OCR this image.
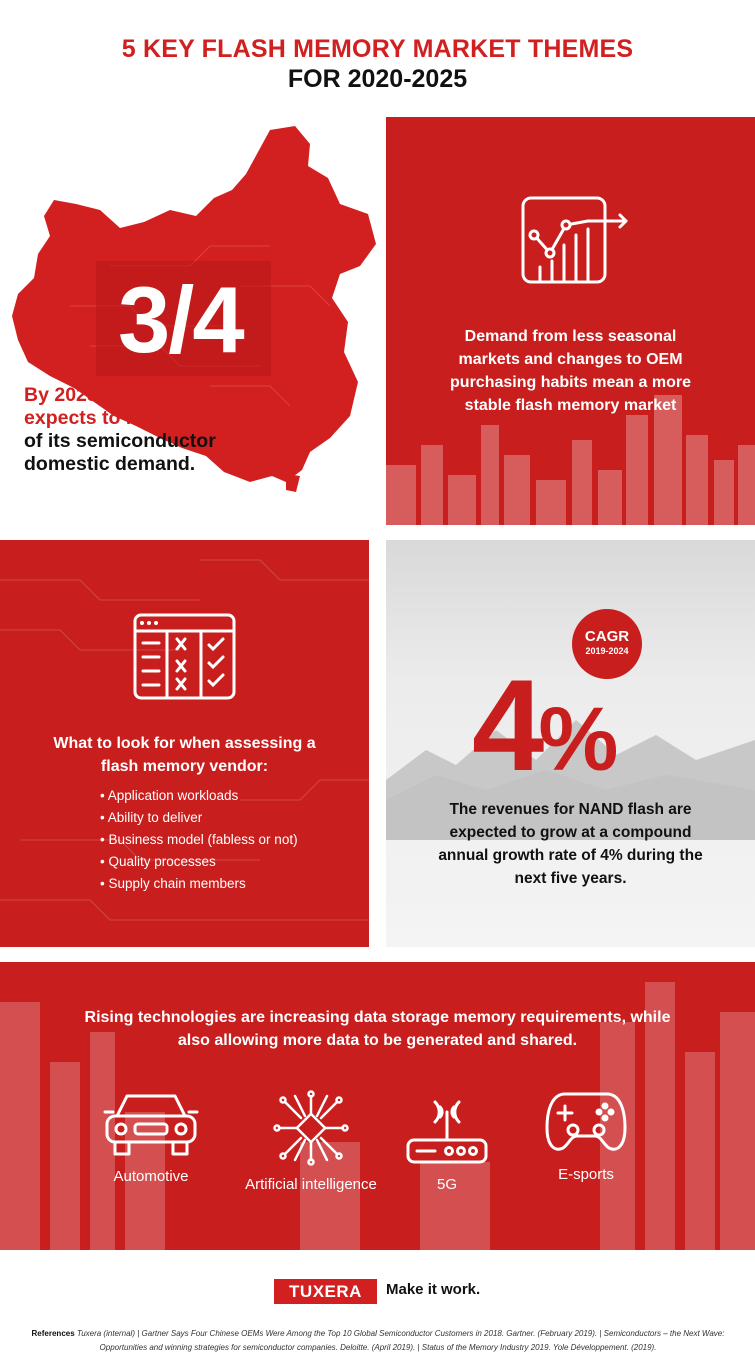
5 KEY FLASH MEMORY MARKET THEMES
FOR 2020-2025
3/4
By 2025, China expects to meet 70% of its semiconductor domestic demand.
Demand from less seasonal markets and changes to OEM purchasing habits mean a more stable flash memory market
What to look for when assessing a flash memory vendor:
• Application workloads
• Ability to deliver
• Business model (fabless or not)
• Quality processes
• Supply chain members
CAGR
2019-2024
4%
The revenues for NAND flash are expected to grow at a compound annual growth rate of 4% during the next five years.
Rising technologies are increasing data storage memory requirements, while also allowing more data to be generated and shared.
Automotive	Artificial intelligence	5G
E-sports
TUXERA	Make it work.
References Tuxera (internal) | Gartner Says Four Chinese OEMs Were Among the Top 10 Global Semiconductor Customers in 2018. Gartner. (February 2019). | Semiconductors – the Next Wave: Opportunities and winning strategies for semiconductor companies. Deloitte. (April 2019). | Status of the Memory Industry 2019. Yole Développement. (2019).
